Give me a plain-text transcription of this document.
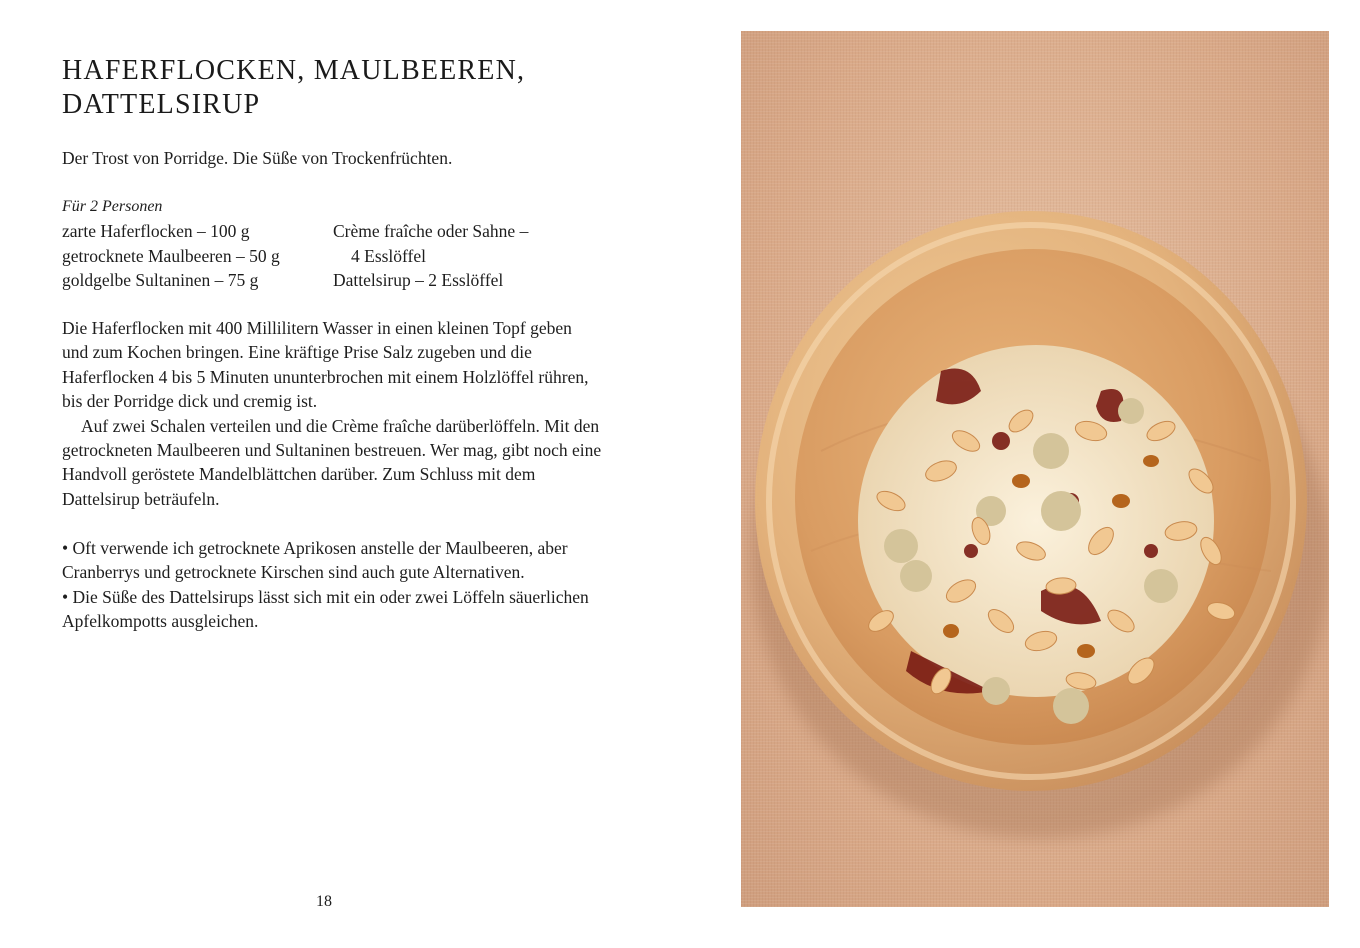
HAFERFLOCKEN, MAULBEEREN,
DATTELSIRUP

Der Trost von Porridge. Die Süße von Trockenfrüchten.

Für 2 Personen

zarte Haferflocken – 100 g
getrocknete Maulbeeren – 50 g
goldgelbe Sultaninen – 75 g
Crème fraîche oder Sahne –
4 Esslöffel
Dattelsirup – 2 Esslöffel

Die Haferflocken mit 400 Millilitern Wasser in einen kleinen Topf geben und zum Kochen bringen. Eine kräftige Prise Salz zugeben und die Haferflocken 4 bis 5 Minuten ununterbrochen mit einem Holzlöffel rühren, bis der Porridge dick und cremig ist.

Auf zwei Schalen verteilen und die Crème fraîche darüberlöffeln. Mit den getrockneten Maulbeeren und Sultaninen bestreuen. Wer mag, gibt noch eine Handvoll geröstete Mandelblättchen darüber. Zum Schluss mit dem Dattelsirup beträufeln.

• Oft verwende ich getrocknete Aprikosen anstelle der Maulbeeren, aber Cranberrys und getrocknete Kirschen sind auch gute Alternativen.

• Die Süße des Dattelsirups lässt sich mit ein oder zwei Löffeln säuerlichen Apfelkompotts ausgleichen.

18
